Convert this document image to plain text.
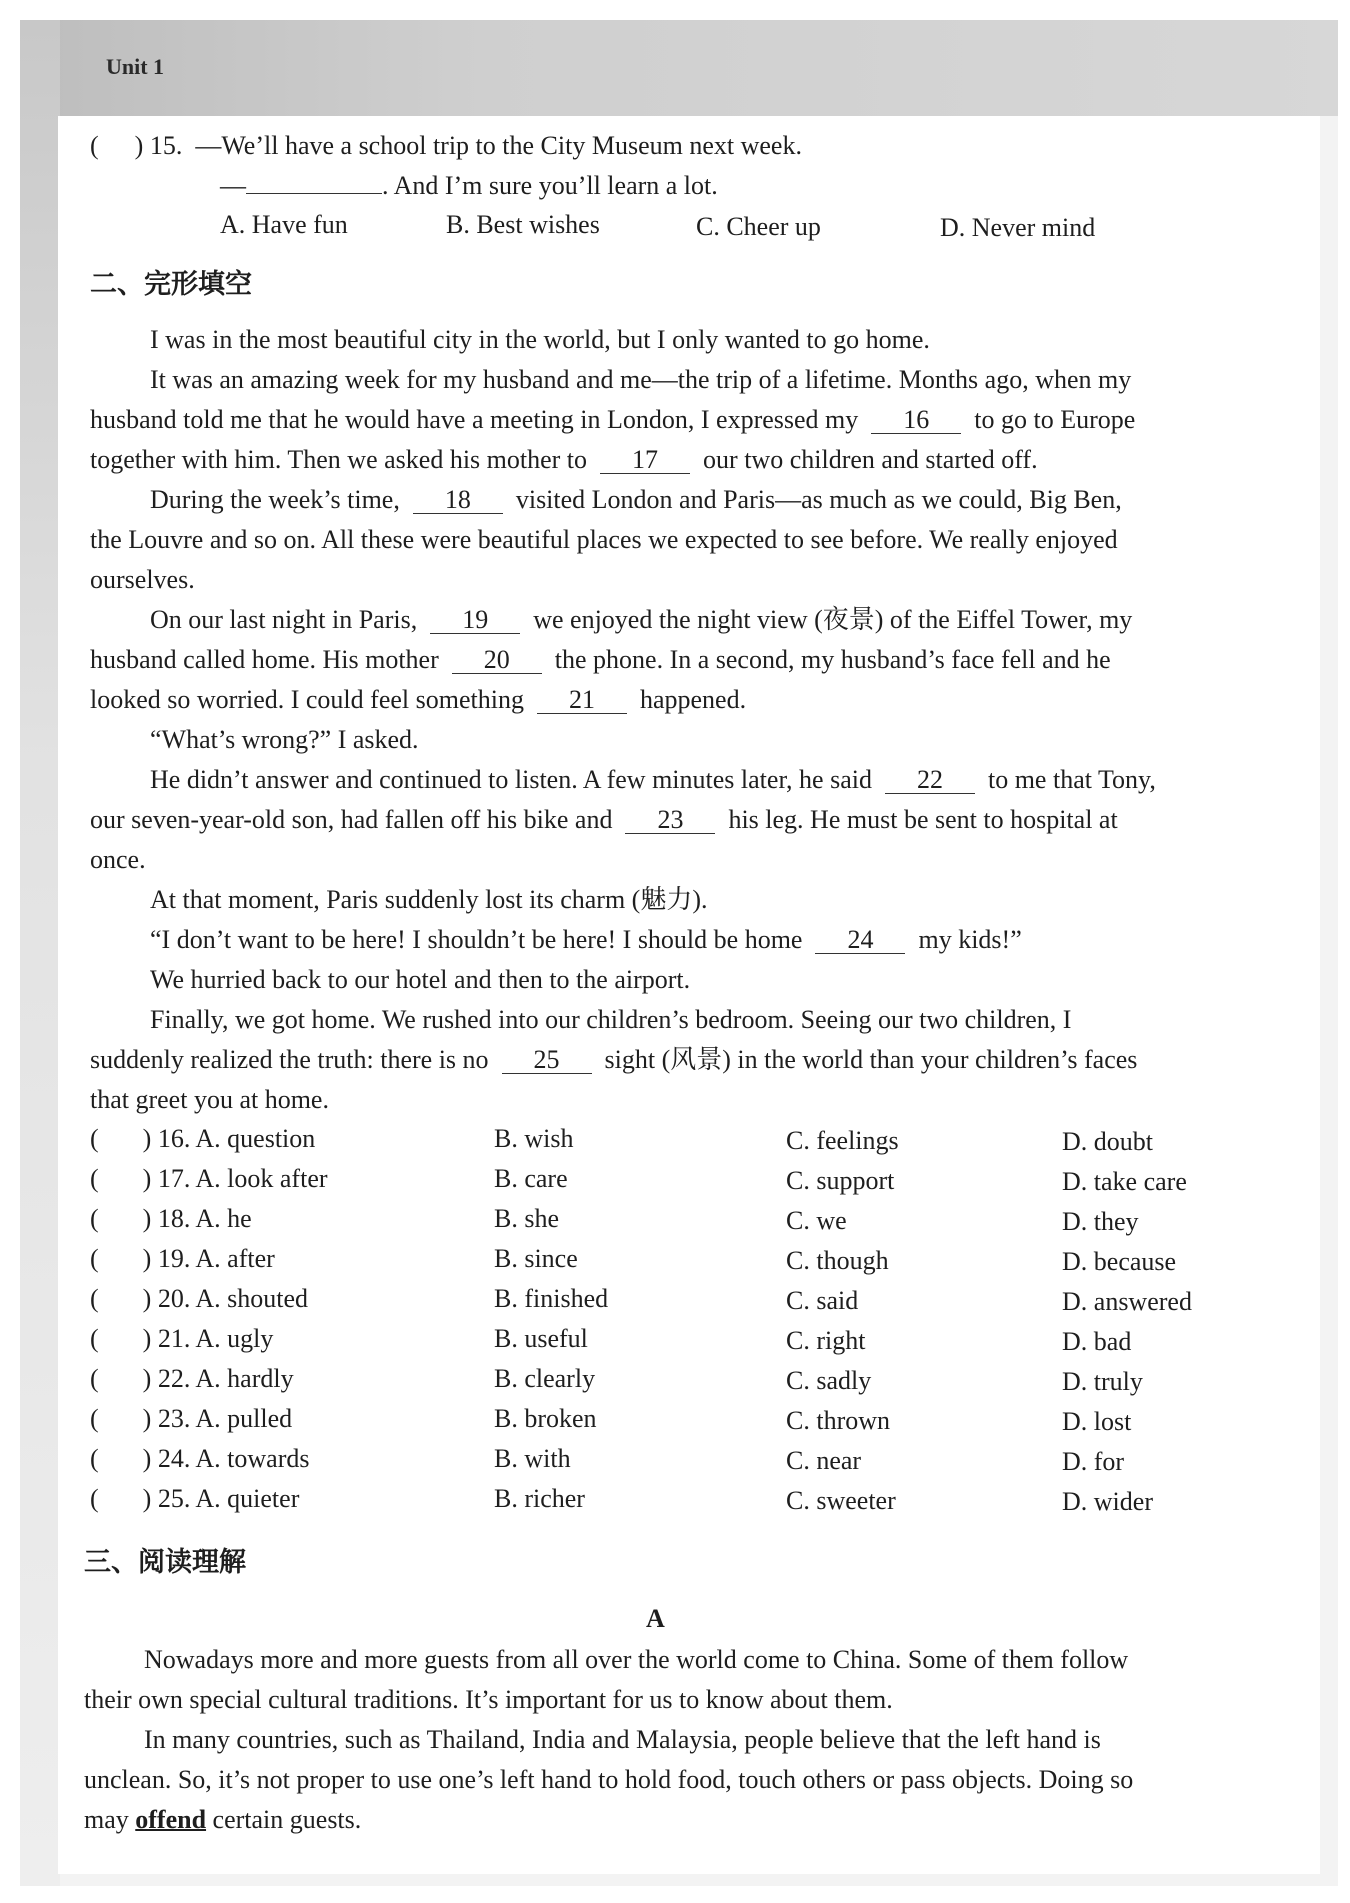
Unit 1
( ) 15. —We’ll have a school trip to the City Museum next week.
—	. And I’m sure you’ll learn a lot.
A. Have fun	B. Best wishes	C. Cheer up	D. Never mind
二、完形填空
I was in the most beautiful city in the world, but I only wanted to go home.
It was an amazing week for my husband and me—the trip of a lifetime. Months ago, when my
husband told me that he would have a meeting in London, I expressed my 16 to go to Europe
together with him. Then we asked his mother to 17 our two children and started off.
During the week’s time, 18 visited London and Paris—as much as we could, Big Ben,
the Louvre and so on. All these were beautiful places we expected to see before. We really enjoyed
ourselves.
On our last night in Paris, 19 we enjoyed the night view (夜景) of the Eiffel Tower, my
husband called home. His mother 20 the phone. In a second, my husband’s face fell and he
looked so worried. I could feel something 21 happened.
“What’s wrong?” I asked.
He didn’t answer and continued to listen. A few minutes later, he said 22 to me that Tony,
our seven-year-old son, had fallen off his bike and 23 his leg. He must be sent to hospital at
once.
At that moment, Paris suddenly lost its charm (魅力).
“I don’t want to be here! I shouldn’t be here! I should be home 24 my kids!”
We hurried back to our hotel and then to the airport.
Finally, we got home. We rushed into our children’s bedroom. Seeing our two children, I
suddenly realized the truth: there is no 25 sight (风景) in the world than your children’s faces
that greet you at home.
( ) 16. A. question	B. wish	C. feelings	D. doubt
( ) 17. A. look after	B. care	C. support	D. take care
( ) 18. A. he	B. she	C. we	D. they
( ) 19. A. after	B. since	C. though	D. because
( ) 20. A. shouted	B. finished	C. said	D. answered
( ) 21. A. ugly	B. useful	C. right	D. bad
( ) 22. A. hardly	B. clearly	C. sadly	D. truly
( ) 23. A. pulled	B. broken	C. thrown	D. lost
( ) 24. A. towards	B. with	C. near	D. for
( ) 25. A. quieter	B. richer	C. sweeter	D. wider
三、阅读理解
A
Nowadays more and more guests from all over the world come to China. Some of them follow
their own special cultural traditions. It’s important for us to know about them.
In many countries, such as Thailand, India and Malaysia, people believe that the left hand is
unclean. So, it’s not proper to use one’s left hand to hold food, touch others or pass objects. Doing so
may offend certain guests.
